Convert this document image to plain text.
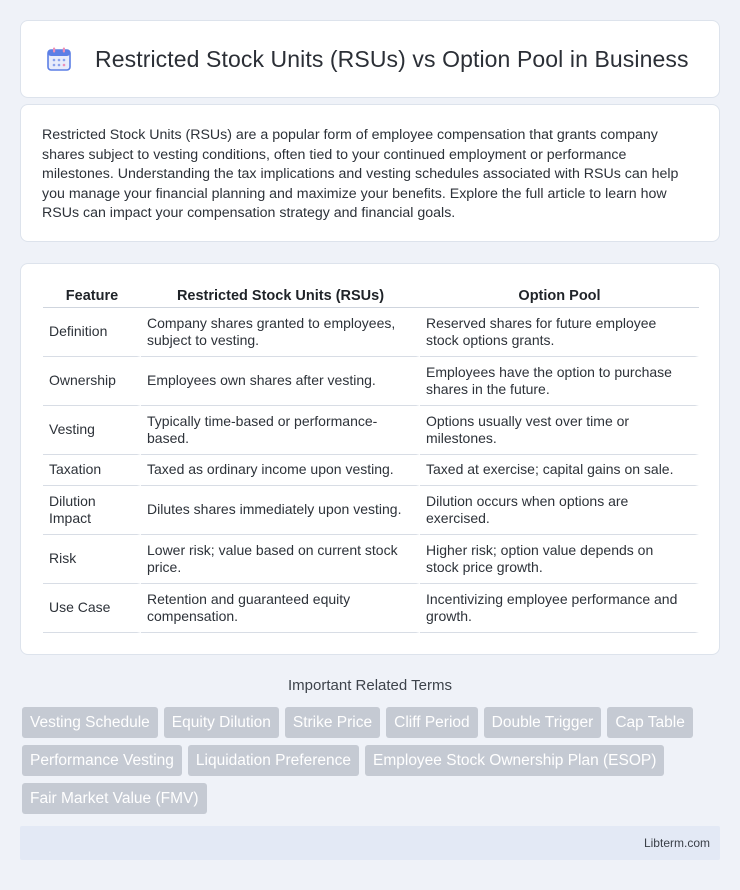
Restricted Stock Units (RSUs) vs Option Pool in Business

Restricted Stock Units (RSUs) are a popular form of employee compensation that grants company shares subject to vesting conditions, often tied to your continued employment or performance milestones. Understanding the tax implications and vesting schedules associated with RSUs can help you manage your financial planning and maximize your benefits. Explore the full article to learn how RSUs can impact your compensation strategy and financial goals.

Feature	Restricted Stock Units (RSUs)	Option Pool
Definition	Company shares granted to employees, subject to vesting.	Reserved shares for future employee stock options grants.
Ownership	Employees own shares after vesting.	Employees have the option to purchase shares in the future.
Vesting	Typically time-based or performance-based.	Options usually vest over time or milestones.
Taxation	Taxed as ordinary income upon vesting.	Taxed at exercise; capital gains on sale.
Dilution Impact	Dilutes shares immediately upon vesting.	Dilution occurs when options are exercised.
Risk	Lower risk; value based on current stock price.	Higher risk; option value depends on stock price growth.
Use Case	Retention and guaranteed equity compensation.	Incentivizing employee performance and growth.
Important Related Terms
Vesting Schedule	Equity Dilution	Strike Price	Cliff Period	Double Trigger	Cap Table
Performance Vesting	Liquidation Preference	Employee Stock Ownership Plan (ESOP)
Fair Market Value (FMV)
Libterm.com
